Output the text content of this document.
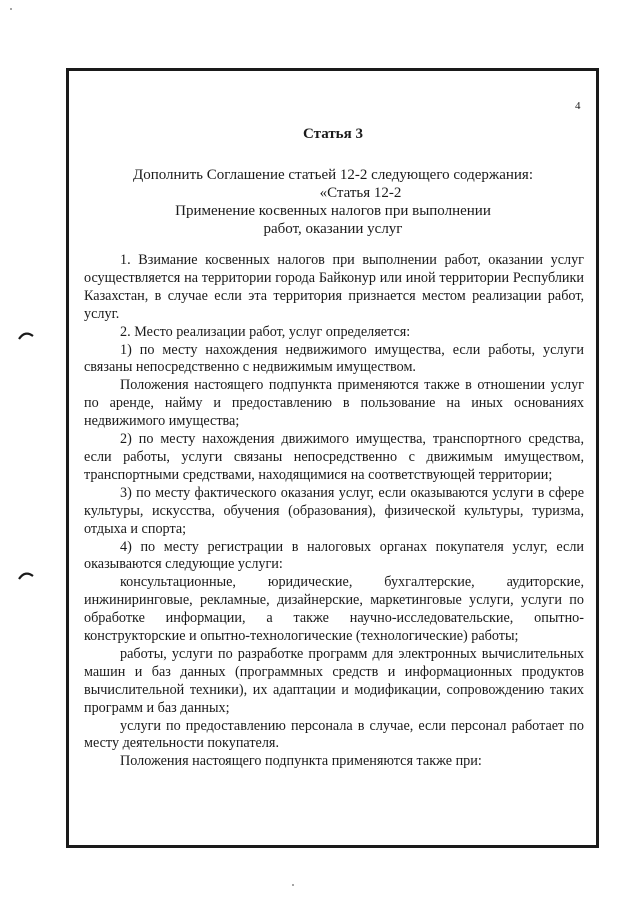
4
Статья 3
Дополнить Соглашение статьей 12-2 следующего содержания:
«Статья 12-2
Применение косвенных налогов при выполнении
работ, оказании услуг

1. Взимание косвенных налогов при выполнении работ, оказании услуг осуществляется на территории города Байконур или иной территории Республики Казахстан, в случае если эта территория признается местом реализации работ, услуг.

2. Место реализации работ, услуг определяется:

1) по месту нахождения недвижимого имущества, если работы, услуги связаны непосредственно с недвижимым имуществом.

Положения настоящего подпункта применяются также в отношении услуг по аренде, найму и предоставлению в пользование на иных основаниях недвижимого имущества;

2) по месту нахождения движимого имущества, транспортного средства, если работы, услуги связаны непосредственно с движимым имуществом, транспортными средствами, находящимися на соответствующей территории;

3) по месту фактического оказания услуг, если оказываются услуги в сфере культуры, искусства, обучения (образования), физической культуры, туризма, отдыха и спорта;

4) по месту регистрации в налоговых органах покупателя услуг, если оказываются следующие услуги:

консультационные, юридические, бухгалтерские, аудиторские, инжиниринговые, рекламные, дизайнерские, маркетинговые услуги, услуги по обработке информации, а также научно-исследовательские, опытно-конструкторские и опытно-технологические (технологические) работы;

работы, услуги по разработке программ для электронных вычислительных машин и баз данных (программных средств и информационных продуктов вычислительной техники), их адаптации и модификации, сопровождению таких программ и баз данных;

услуги по предоставлению персонала в случае, если персонал работает по месту деятельности покупателя.

Положения настоящего подпункта применяются также при:
